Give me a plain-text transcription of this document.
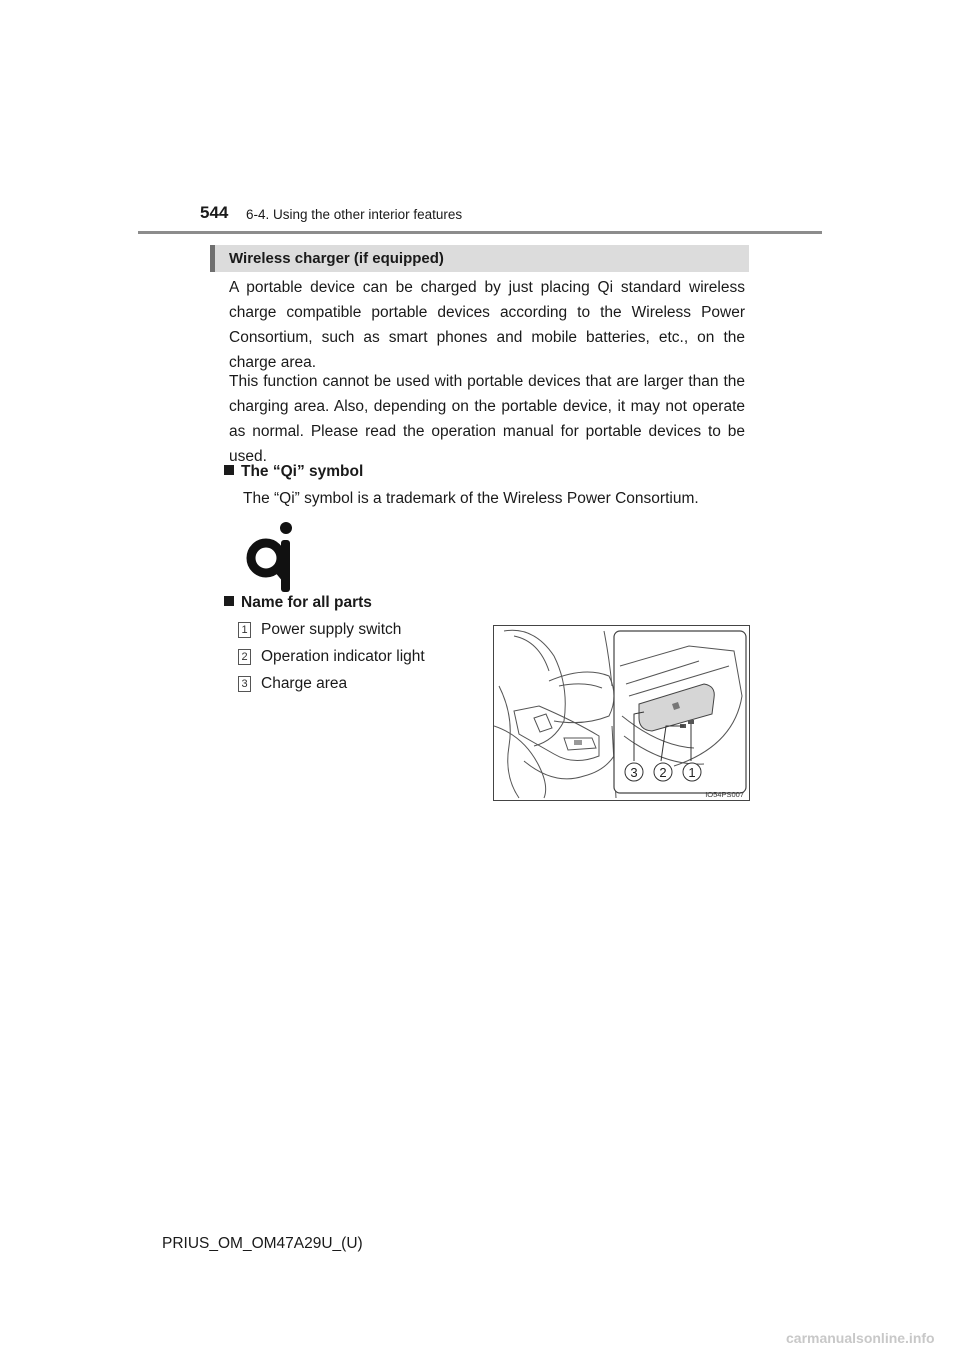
544 6-4. Using the other interior features
Wireless charger (if equipped)

A portable device can be charged by just placing Qi standard wireless charge compatible portable devices according to the Wireless Power Consortium, such as smart phones and mobile batteries, etc., on the charge area.

This function cannot be used with portable devices that are larger than the charging area. Also, depending on the portable device, it may not operate as normal. Please read the operation manual for portable devices to be used.

The “Qi” symbol
The “Qi” symbol is a trademark of the Wireless Power Consortium.
Name for all parts
1 Power supply switch
2 Operation indicator light
3 Charge area
3 2 1
IO54PS007
PRIUS_OM_OM47A29U_(U)
carmanualsonline.info
